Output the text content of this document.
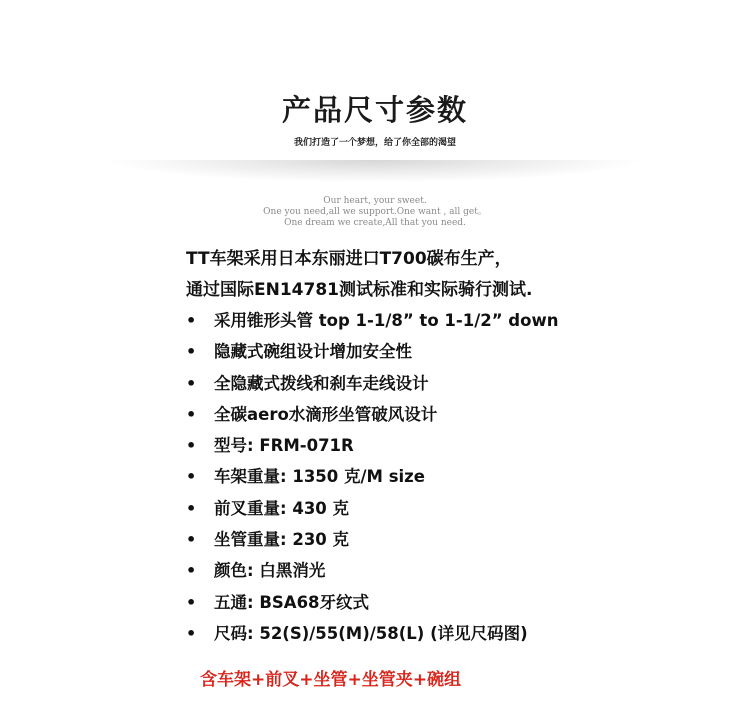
产品尺寸参数
我们打造了一个梦想，给了你全部的渴望
Our heart, your sweet.
One you need,all we support.One want , all get。
One dream we create,All that you need.
TT车架采用日本东丽进口T700碳布生产，
通过国际EN14781测试标准和实际骑行测试.
• 采用锥形头管 top 1-1/8” to 1-1/2” down
• 隐藏式碗组设计增加安全性
• 全隐藏式拨线和刹车走线设计
• 全碳aero水滴形坐管破风设计
• 型号: FRM-071R
• 车架重量: 1350 克/M size
• 前叉重量: 430 克
• 坐管重量: 230 克
• 颜色: 白黑消光
• 五通: BSA68牙纹式
• 尺码: 52(S)/55(M)/58(L) (详见尺码图)
含车架+前叉+坐管+坐管夹+碗组
